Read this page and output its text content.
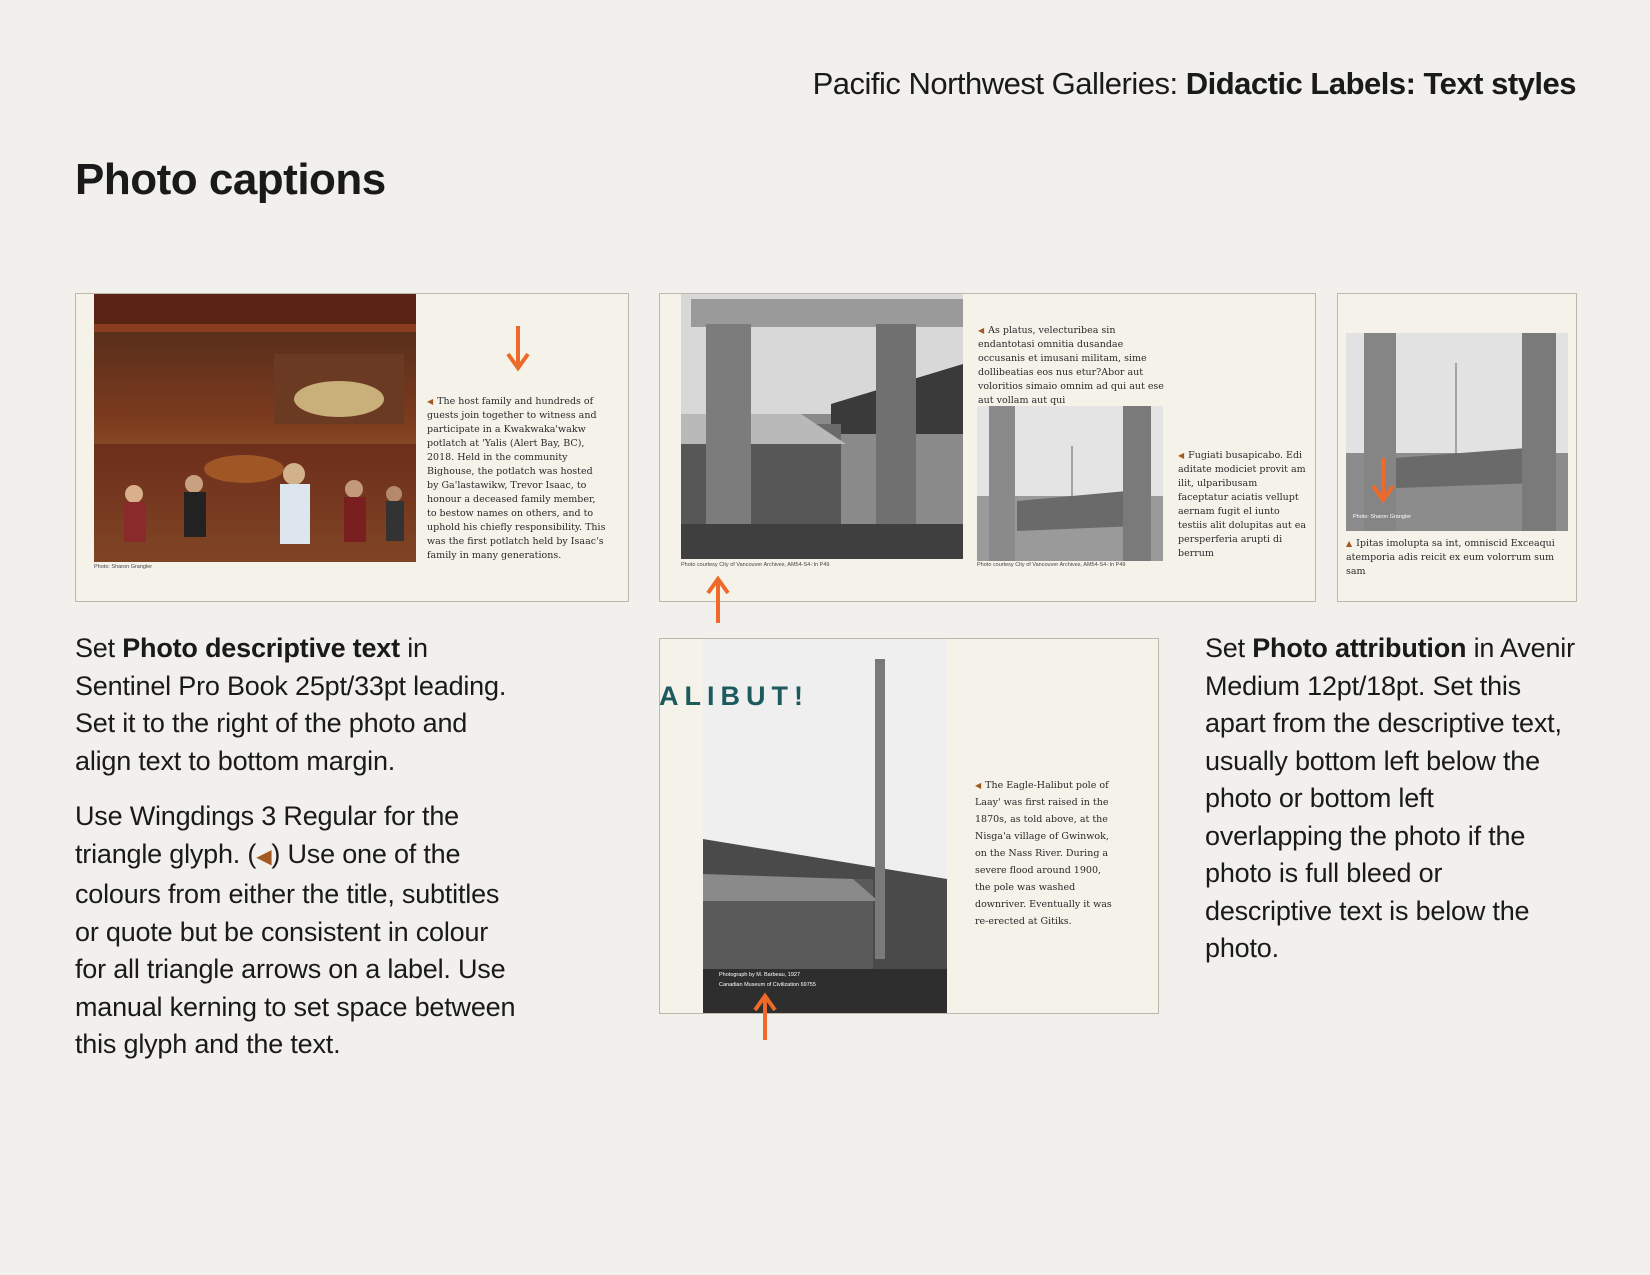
Pacific Northwest Galleries: Didactic Labels: Text styles
Photo captions
Photo: Sharon Grangler
◀ The host family and hundreds of guests join together to witness and participate in a Kwakwaka'wakw potlatch at 'Yalis (Alert Bay, BC), 2018. Held in the community Bighouse, the potlatch was hosted by Ga'lastawikw, Trevor Isaac, to honour a deceased family member, to bestow names on others, and to uphold his chiefly responsibility. This was the first potlatch held by Isaac's family in many generations.
Photo courtesy City of Vancouver Archives, AM54-S4-:In P49
◀ As platus, velecturibea sin endantotasi omnitia dusandae occusanis et imusani militam, sime dollibeatias eos nus etur?Abor aut voloritios simaio omnim ad qui aut ese aut vollam aut qui
Photo courtesy City of Vancouver Archives, AM54-S4-:In P49
◀ Fugiati busapicabo. Edi aditate modiciet provit am ilit, ulparibusam faceptatur aciatis vellupt aernam fugit el iunto testiis alit dolupitas aut ea persperferia arupti di berrum
Photo: Sharon Grangler
▲ Ipitas imolupta sa int, omniscid Exceaqui atemporia adis reicit ex eum volorrum sum sam
Photograph by M. Barbeau, 1927
Canadian Museum of Civilization 69755
◀ The Eagle-Halibut pole of Laay' was first raised in the 1870s, as told above, at the Nisga'a village of Gwinwok, on the Nass River. During a severe flood around 1900, the pole was washed downriver. Eventually it was re-erected at Gitiks.
ALIBUT!

Set Photo descriptive text in Sentinel Pro Book 25pt/33pt leading. Set it to the right of the photo and align text to bottom margin.

Use Wingdings 3 Regular for the triangle glyph. (◀) Use one of the colours from either the title, subtitles or quote but be consistent in colour for all triangle arrows on a label. Use manual kerning to set space between this glyph and the text.

Set Photo attribution in Avenir Medium 12pt/18pt. Set this apart from the descriptive text, usually bottom left below the photo or bottom left overlapping the photo if the photo is full bleed or descriptive text is below the photo.
